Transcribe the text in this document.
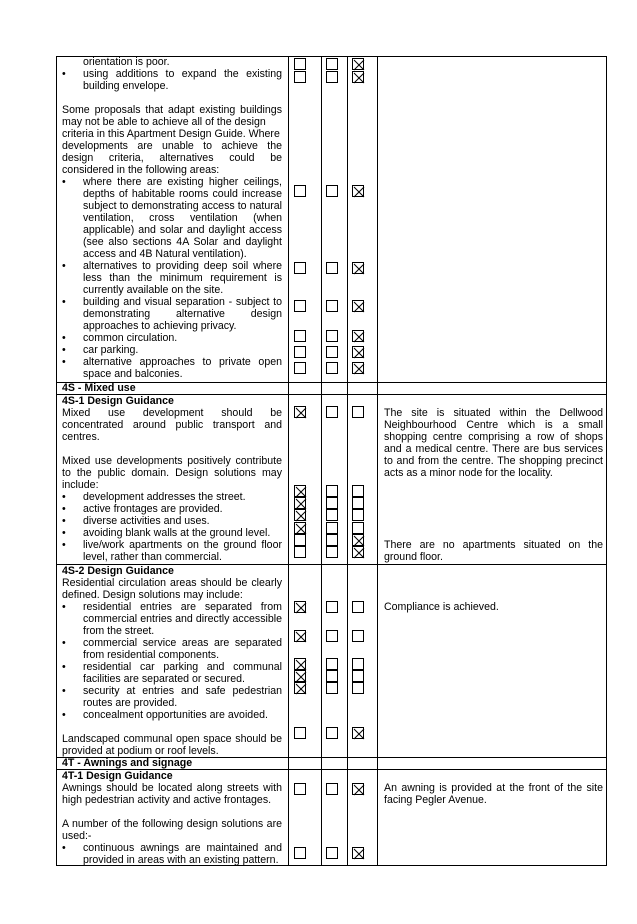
orientation is poor.
using additions to expand the existing
•
building envelope.
Some proposals that adapt existing buildings
may not be able to achieve all of the design
criteria in this Apartment Design Guide. Where
developments are unable to achieve the
design criteria, alternatives could be
considered in the following areas:
where there are existing higher ceilings,
•
depths of habitable rooms could increase
subject to demonstrating access to natural
ventilation, cross ventilation (when
applicable) and solar and daylight access
(see also sections 4A Solar and daylight
access and 4B Natural ventilation).
alternatives to providing deep soil where
•
less than the minimum requirement is
currently available on the site.
building and visual separation - subject to
•
demonstrating alternative design
approaches to achieving privacy.
common circulation.
•
car parking.
•
alternative approaches to private open
•
space and balconies.
Mixed use development should be
concentrated around public transport and
centres.
Mixed use developments positively contribute
to the public domain. Design solutions may
include:
development addresses the street.
•
active frontages are provided.
•
diverse activities and uses.
•
avoiding blank walls at the ground level.
•
live/work apartments on the ground floor
•
level, rather than commercial.
Residential circulation areas should be clearly
defined. Design solutions may include:
residential entries are separated from
•
commercial entries and directly accessible
from the street.
commercial service areas are separated
•
from residential components.
residential car parking and communal
•
facilities are separated or secured.
security at entries and safe pedestrian
•
routes are provided.
concealment opportunities are avoided.
•
Landscaped communal open space should be
provided at podium or roof levels.
Awnings should be located along streets with
high pedestrian activity and active frontages.
A number of the following design solutions are
used:-
continuous awnings are maintained and
•
provided in areas with an existing pattern.
4S - Mixed use
4S-1 Design Guidance
4S-2 Design Guidance
4T - Awnings and signage
4T-1 Design Guidance
The site is situated within the Dellwood
Neighbourhood Centre which is a small
shopping centre comprising a row of shops
and a medical centre. There are bus services
to and from the centre. The shopping precinct
acts as a minor node for the locality.
Compliance is achieved.
There are no apartments situated on the
ground floor.
An awning is provided at the front of the site
facing Pegler Avenue.
